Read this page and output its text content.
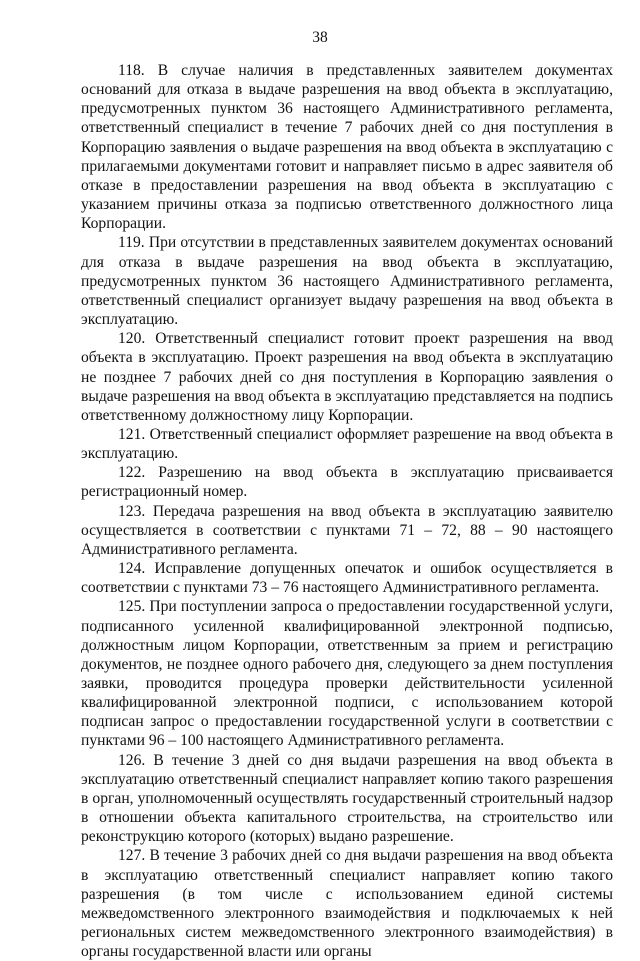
38

118. В случае наличия в представленных заявителем документах оснований для отказа в выдаче разрешения на ввод объекта в эксплуатацию, предусмотренных пунктом 36 настоящего Административного регламента, ответственный специалист в течение 7 рабочих дней со дня поступления в Корпорацию заявления о выдаче разрешения на ввод объекта в эксплуатацию с прилагаемыми документами готовит и направляет письмо в адрес заявителя об отказе в предоставлении разрешения на ввод объекта в эксплуатацию с указанием причины отказа за подписью ответственного должностного лица Корпорации.

119. При отсутствии в представленных заявителем документах оснований для отказа в выдаче разрешения на ввод объекта в эксплуатацию, предусмотренных пунктом 36 настоящего Административного регламента, ответственный специалист организует выдачу разрешения на ввод объекта в эксплуатацию.

120. Ответственный специалист готовит проект разрешения на ввод объекта в эксплуатацию. Проект разрешения на ввод объекта в эксплуатацию не позднее 7 рабочих дней со дня поступления в Корпорацию заявления о выдаче разрешения на ввод объекта в эксплуатацию представляется на подпись ответственному должностному лицу Корпорации.

121. Ответственный специалист оформляет разрешение на ввод объекта в эксплуатацию.

122. Разрешению на ввод объекта в эксплуатацию присваивается регистрационный номер.

123. Передача разрешения на ввод объекта в эксплуатацию заявителю осуществляется в соответствии с пунктами 71 – 72, 88 – 90 настоящего Административного регламента.

124. Исправление допущенных опечаток и ошибок осуществляется в соответствии с пунктами 73 – 76 настоящего Административного регламента.

125. При поступлении запроса о предоставлении государственной услуги, подписанного усиленной квалифицированной электронной подписью, должностным лицом Корпорации, ответственным за прием и регистрацию документов, не позднее одного рабочего дня, следующего за днем поступления заявки, проводится процедура проверки действительности усиленной квалифицированной электронной подписи, с использованием которой подписан запрос о предоставлении государственной услуги в соответствии с пунктами 96 – 100 настоящего Административного регламента.

126. В течение 3 дней со дня выдачи разрешения на ввод объекта в эксплуатацию ответственный специалист направляет копию такого разрешения в орган, уполномоченный осуществлять государственный строительный надзор в отношении объекта капитального строительства, на строительство или реконструкцию которого (которых) выдано разрешение.

127. В течение 3 рабочих дней со дня выдачи разрешения на ввод объекта в эксплуатацию ответственный специалист направляет копию такого разрешения (в том числе с использованием единой системы межведомственного электронного взаимодействия и подключаемых к ней региональных систем межведомственного электронного взаимодействия) в органы государственной власти или органы
